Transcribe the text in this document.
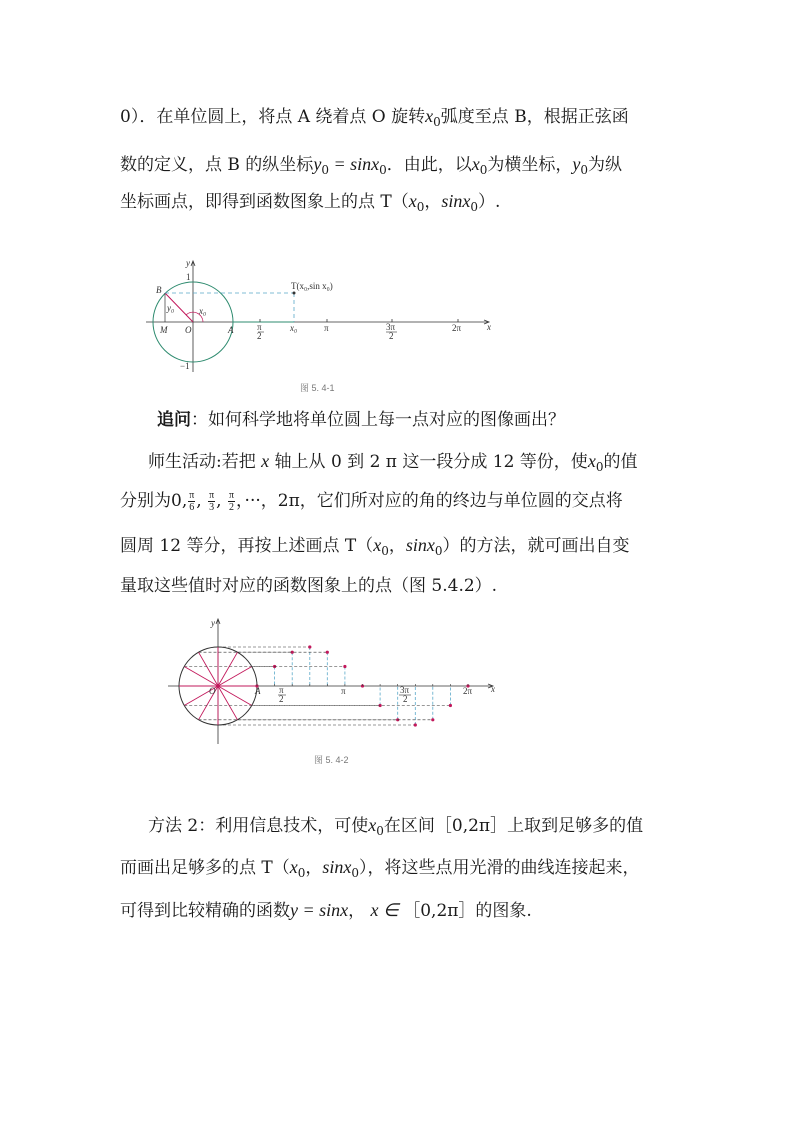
0）．在单位圆上，将点 A 绕着点 O 旋转$x_0$弧度至点 B，根据正弦函
数的定义，点 B 的纵坐标$y_0 = \sin x_0$．由此，以$x_0$为横坐标，$y_0$为纵
坐标画点，即得到函数图象上的点 $T(x_0$，sinx$_0$）.
y
x
1
−1
B
O
M	A
y₀	x₀
T(x₀,sin x₀)
π
2
x₀	π	3π
2
2π
图 5. 4-1
追问：如何科学地将单位圆上每一点对应的图像画出？
师生活动:若把 x 轴上从 0 到 2 π 这一段分成 12 等份，使$x_0$的值
分别为0, $\frac{\pi}{6}$ , $\frac{\pi}{3}$ , $\frac{\pi}{2}$ ，···，2π，它们所对应的角的终边与单位圆的交点将
圆周 12 等分，再按上述画点 $T(x_0$，sinx$_0$）的方法，就可画出自变
量取这些值时对应的函数图象上的点（图 5.4.2）.
y
x
O	A π
2
π	3π
2
2π
图 5. 4-2
方法 2：利用信息技术，可使$x_0$在区间［0,2π］上取到足够多的值
而画出足够多的点 $T(x_0$，sinx$_0$），将这些点用光滑的曲线连接起来，
可得到比较精确的函数y = sinx， x ∈ ［0,2π］的图象.
